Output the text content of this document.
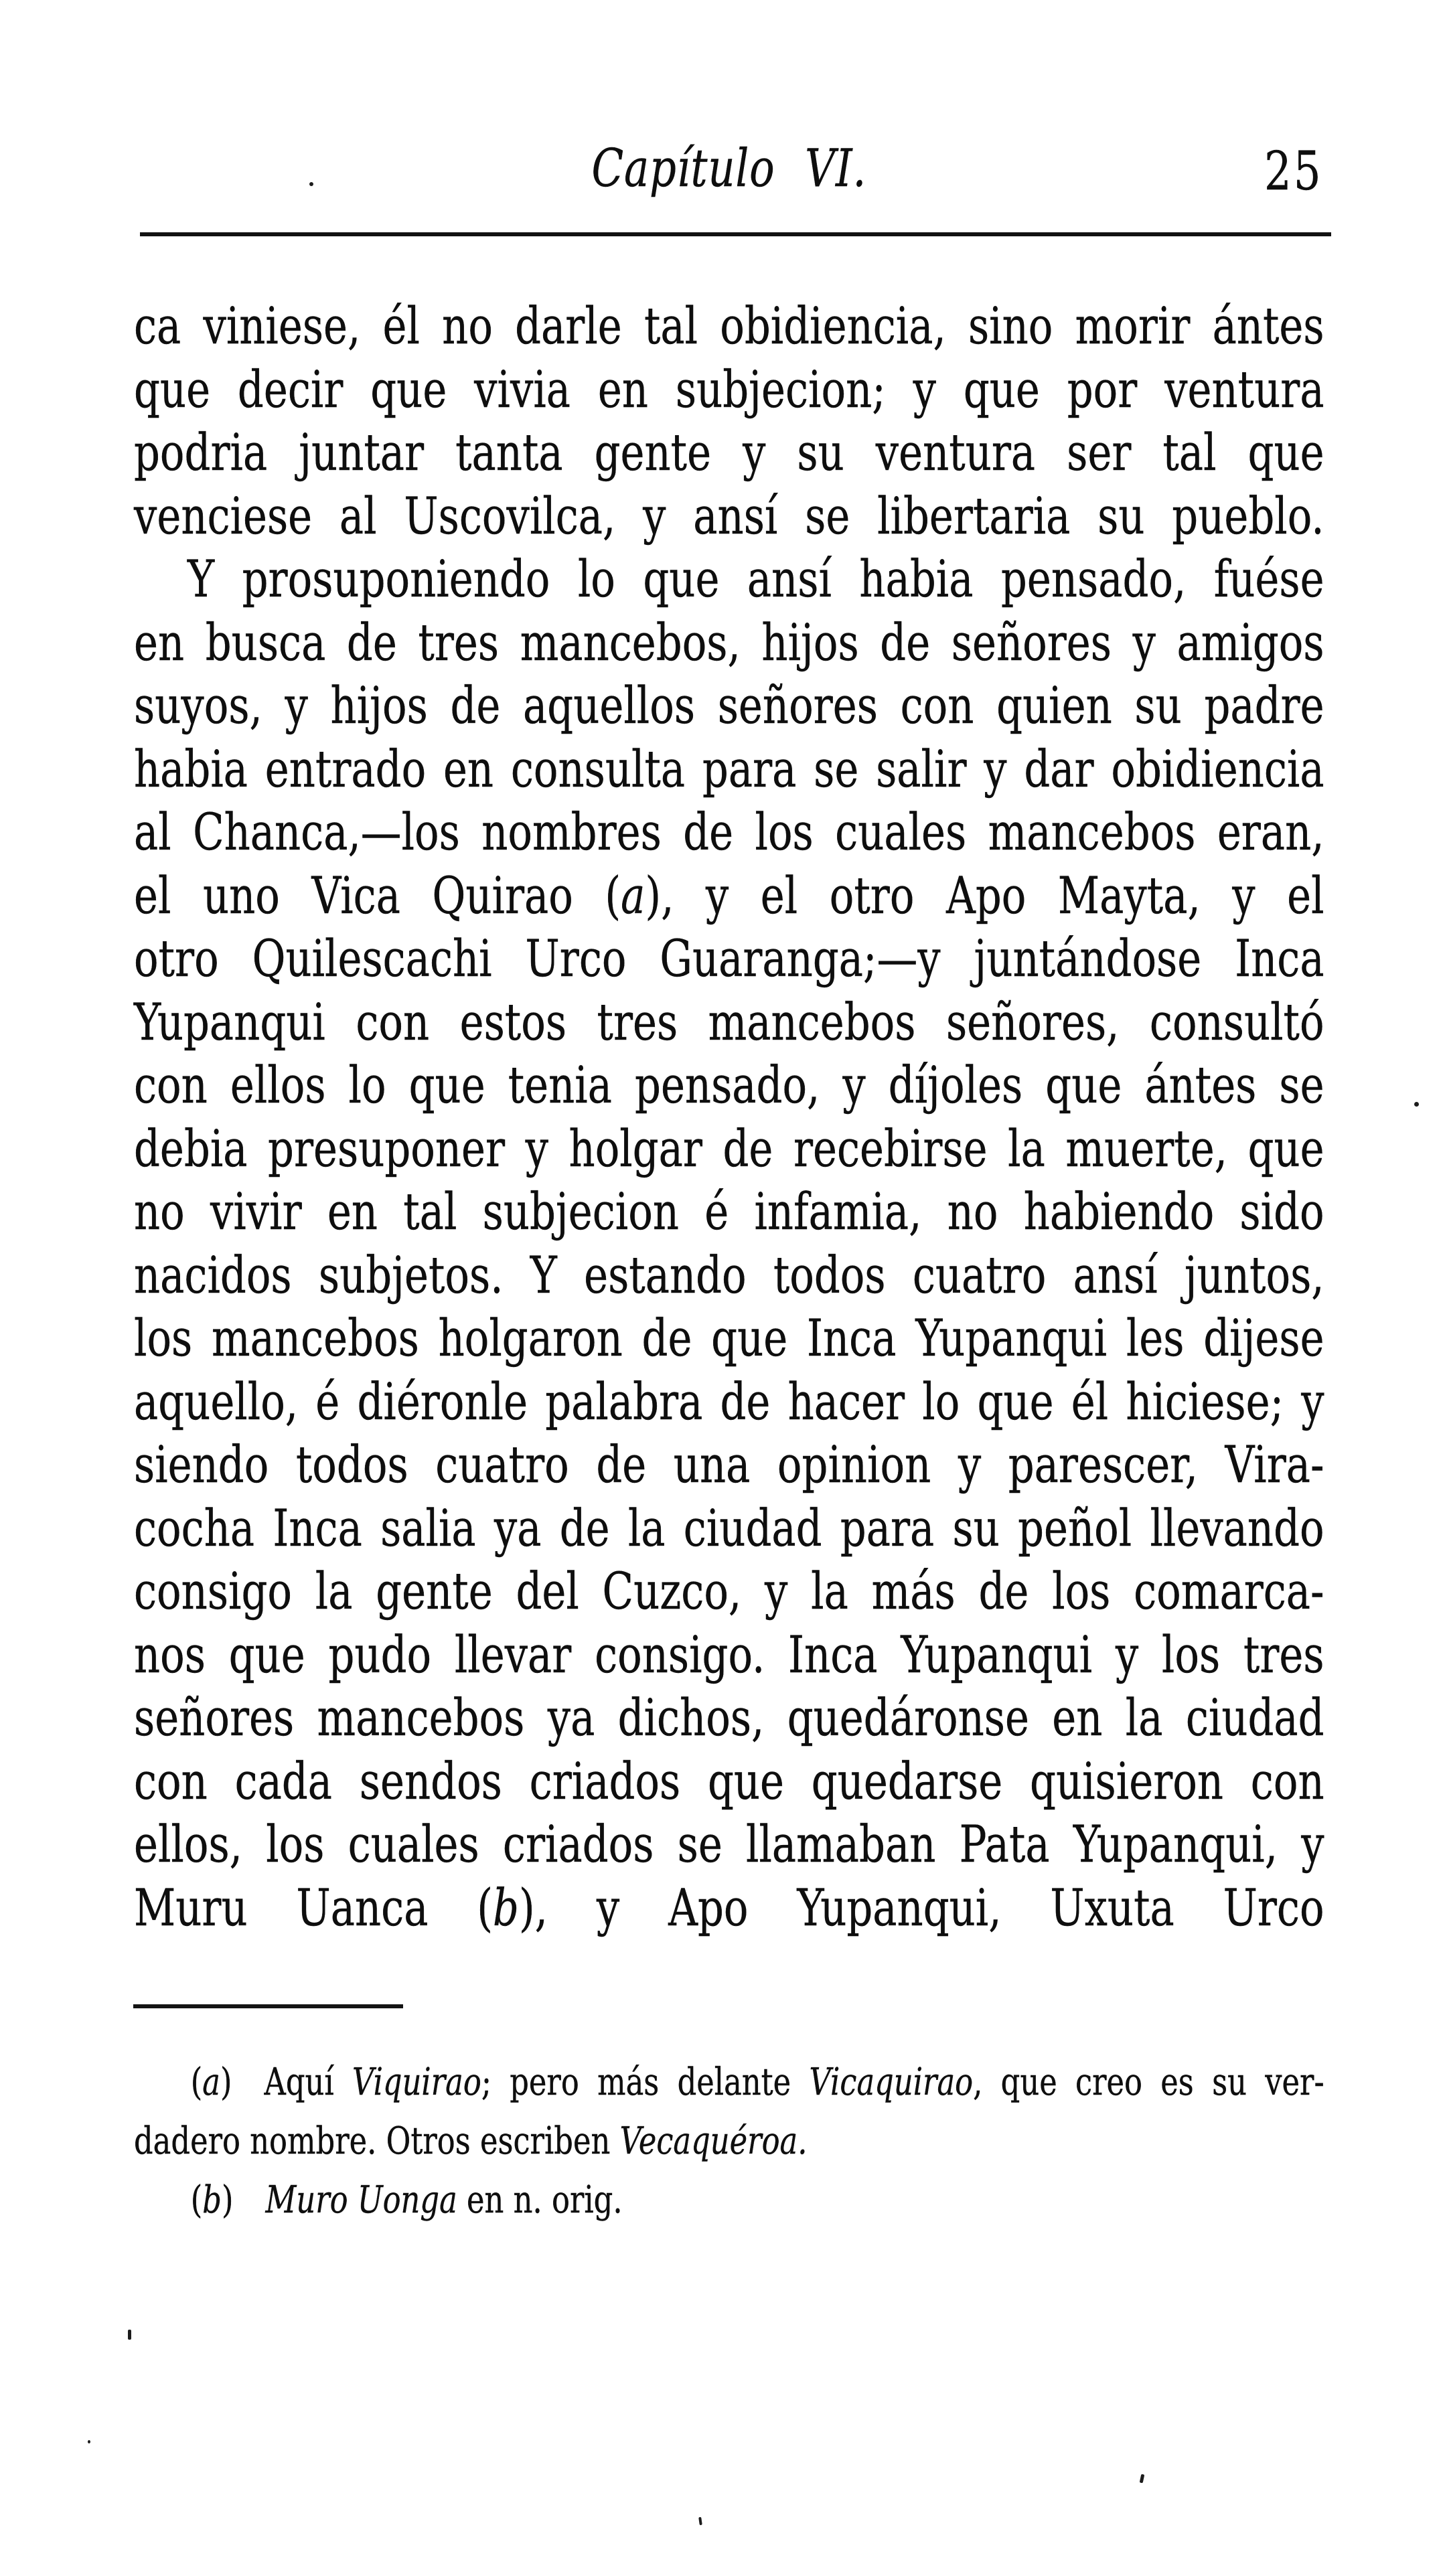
Capítulo VI.	25
ca viniese, él no darle tal obidiencia, sino morir ántes
que decir que vivia en subjecion; y que por ventura
podria juntar tanta gente y su ventura ser tal que
venciese al Uscovilca, y ansí se libertaria su pueblo.
Y prosuponiendo lo que ansí habia pensado, fuése
en busca de tres mancebos, hijos de señores y amigos
suyos, y hijos de aquellos señores con quien su padre
habia entrado en consulta para se salir y dar obidiencia
al Chanca,—los nombres de los cuales mancebos eran,
el uno Vica Quirao (a), y el otro Apo Mayta, y el
otro Quilescachi Urco Guaranga;—y juntándose Inca
Yupanqui con estos tres mancebos señores, consultó
con ellos lo que tenia pensado, y díjoles que ántes se
debia presuponer y holgar de recebirse la muerte, que
no vivir en tal subjecion é infamia, no habiendo sido
nacidos subjetos. Y estando todos cuatro ansí juntos,
los mancebos holgaron de que Inca Yupanqui les dijese
aquello, é diéronle palabra de hacer lo que él hiciese; y
siendo todos cuatro de una opinion y parescer, Vira-
cocha Inca salia ya de la ciudad para su peñol llevando
consigo la gente del Cuzco, y la más de los comarca-
nos que pudo llevar consigo. Inca Yupanqui y los tres
señores mancebos ya dichos, quedáronse en la ciudad
con cada sendos criados que quedarse quisieron con
ellos, los cuales criados se llamaban Pata Yupanqui, y
Muru Uanca (b), y Apo Yupanqui, Uxuta Urco
(a) Aquí Viquirao; pero más delante Vicaquirao, que creo es su ver-
dadero nombre. Otros escriben Vecaquéroa.
(b) Muro Uonga en n. orig.
